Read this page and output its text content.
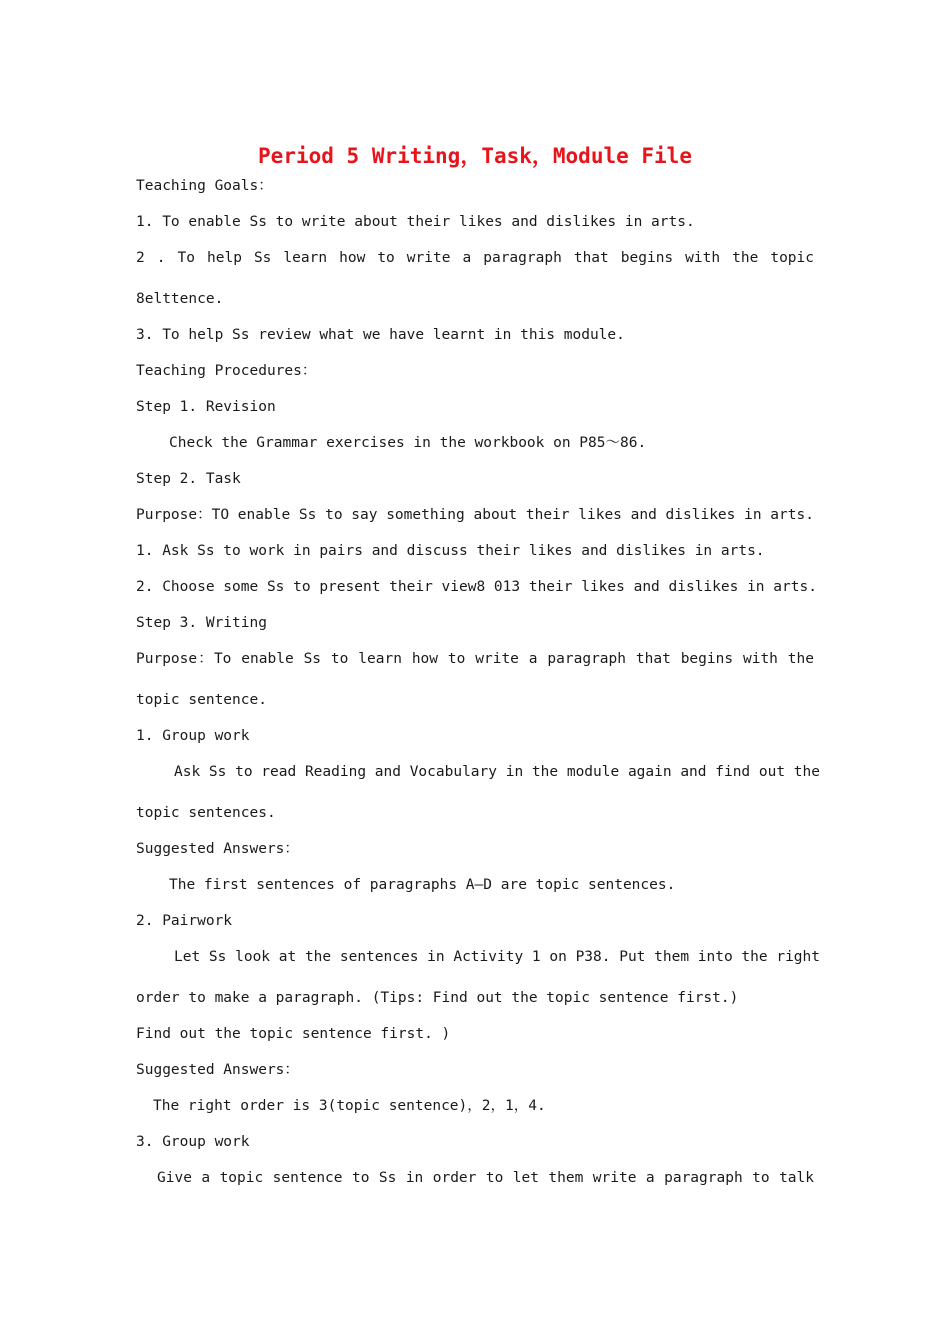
Period 5 Writing，Task，Module File
Teaching Goals：
1. To enable Ss to write about their likes and dislikes in arts.
2 . To help Ss learn how to write a paragraph that begins with the topic
8elttence.
3. To help Ss review what we have learnt in this module.
Teaching Procedures：
Step 1. Revision
Check the Grammar exercises in the workbook on P85～86.
Step 2. Task
Purpose：TO enable Ss to say something about their likes and dislikes in arts.
1. Ask Ss to work in pairs and discuss their likes and dislikes in arts.
2. Choose some Ss to present their view8 013 their likes and dislikes in arts.
Step 3. Writing
Purpose：To enable Ss to learn how to write a paragraph that begins with the
topic sentence.
1. Group work
Ask Ss to read Reading and Vocabulary in the module again and find out the
topic sentences.
Suggested Answers：
The first sentences of paragraphs A—D are topic sentences.
2. Pairwork
Let Ss look at the sentences in Activity 1 on P38. Put them into the right
order to make a paragraph. (Tips: Find out the topic sentence first.)
Find out the topic sentence first. )
Suggested Answers：
The right order is 3(topic sentence)，2，1，4.
3. Group work
Give a topic sentence to Ss in order to let them write a paragraph to talk
